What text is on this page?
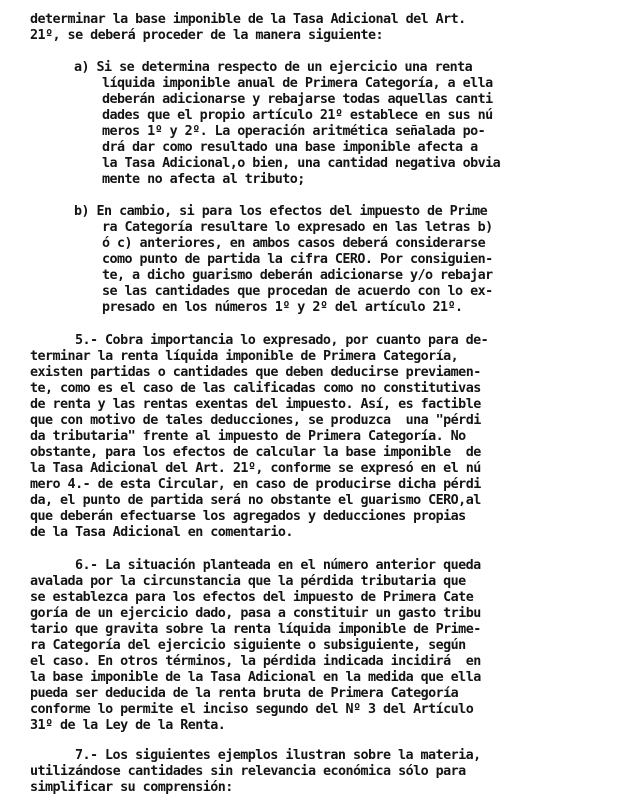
determinar la base imponible de la Tasa Adicional del Art.
21º, se deberá proceder de la manera siguiente:
a) Si se determina respecto de un ejercicio una renta
líquida imponible anual de Primera Categoría, a ella
deberán adicionarse y rebajarse todas aquellas canti
dades que el propio artículo 21º establece en sus nú
meros 1º y 2º. La operación aritmética señalada po-
drá dar como resultado una base imponible afecta a
la Tasa Adicional,o bien, una cantidad negativa obvia
mente no afecta al tributo;
b) En cambio, si para los efectos del impuesto de Prime
ra Categoría resultare lo expresado en las letras b)
ó c) anteriores, en ambos casos deberá considerarse
como punto de partida la cifra CERO. Por consiguien-
te, a dicho guarismo deberán adicionarse y/o rebajar
se las cantidades que procedan de acuerdo con lo ex-
presado en los números 1º y 2º del artículo 21º.
5.- Cobra importancia lo expresado, por cuanto para de-
terminar la renta líquida imponible de Primera Categoría,
existen partidas o cantidades que deben deducirse previamen-
te, como es el caso de las calificadas como no constitutivas
de renta y las rentas exentas del impuesto. Así, es factible
que con motivo de tales deducciones, se produzca  una "pérdi
da tributaria" frente al impuesto de Primera Categoría. No
obstante, para los efectos de calcular la base imponible  de
la Tasa Adicional del Art. 21º, conforme se expresó en el nú
mero 4.- de esta Circular, en caso de producirse dicha pérdi
da, el punto de partida será no obstante el guarismo CERO,al
que deberán efectuarse los agregados y deducciones propias
de la Tasa Adicional en comentario.
6.- La situación planteada en el número anterior queda
avalada por la circunstancia que la pérdida tributaria que
se establezca para los efectos del impuesto de Primera Cate
goría de un ejercicio dado, pasa a constituir un gasto tribu
tario que gravita sobre la renta líquida imponible de Prime-
ra Categoría del ejercicio siguiente o subsiguiente, según
el caso. En otros términos, la pérdida indicada incidirá  en
la base imponible de la Tasa Adicional en la medida que ella
pueda ser deducida de la renta bruta de Primera Categoría
conforme lo permite el inciso segundo del Nº 3 del Artículo
31º de la Ley de la Renta.
7.- Los siguientes ejemplos ilustran sobre la materia,
utilizándose cantidades sin relevancia económica sólo para
simplificar su comprensión:
